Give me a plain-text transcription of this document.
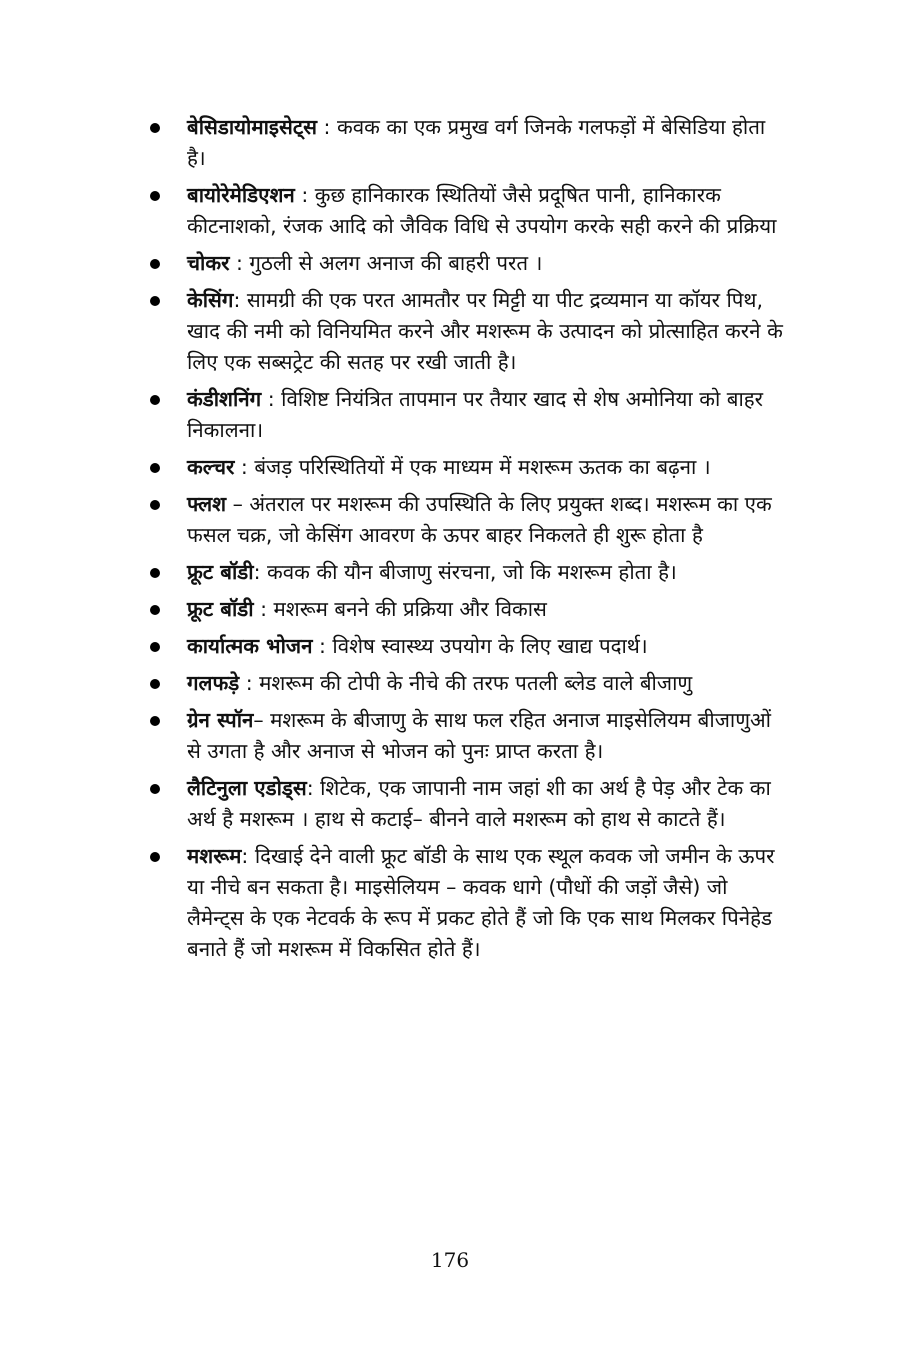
बेसिडायोमाइसेट्स : कवक का एक प्रमुख वर्ग जिनके गलफड़ों में बेसिडिया होता है।
बायोरेमेडिएशन : कुछ हानिकारक स्थितियों जैसे प्रदूषित पानी, हानिकारक कीटनाशको, रंजक आदि को जैविक विधि से उपयोग करके सही करने की प्रक्रिया
चोकर : गुठली से अलग अनाज की बाहरी परत ।
केसिंग: सामग्री की एक परत आमतौर पर मिट्टी या पीट द्रव्यमान या कॉयर पिथ, खाद की नमी को विनियमित करने और मशरूम के उत्पादन को प्रोत्साहित करने के लिए एक सब्सट्रेट की सतह पर रखी जाती है।
कंडीशनिंग : विशिष्ट नियंत्रित तापमान पर तैयार खाद से शेष अमोनिया को बाहर निकालना।
कल्चर : बंजड़ परिस्थितियों में एक माध्यम में मशरूम ऊतक का बढ़ना ।
फ्लश – अंतराल पर मशरूम की उपस्थिति के लिए प्रयुक्त शब्द। मशरूम का एक फसल चक्र, जो केसिंग आवरण के ऊपर बाहर निकलते ही शुरू होता है
फ्रूट बॉडी: कवक की यौन बीजाणु संरचना, जो कि मशरूम होता है।
फ्रूट बॉडी : मशरूम बनने की प्रक्रिया और विकास
कार्यात्मक भोजन : विशेष स्वास्थ्य उपयोग के लिए खाद्य पदार्थ।
गलफड़े : मशरूम की टोपी के नीचे की तरफ पतली ब्लेड वाले बीजाणु
ग्रेन स्पॉन– मशरूम के बीजाणु के साथ फल रहित अनाज माइसेलियम बीजाणुओं से उगता है और अनाज से भोजन को पुनः प्राप्त करता है।
लैटिनुला एडोड्स: शिटेक, एक जापानी नाम जहां शी का अर्थ है पेड़ और टेक का अर्थ है मशरूम । हाथ से कटाई– बीनने वाले मशरूम को हाथ से काटते हैं।
मशरूम: दिखाई देने वाली फ्रूट बॉडी के साथ एक स्थूल कवक जो जमीन के ऊपर या नीचे बन सकता है। माइसेलियम – कवक धागे (पौधों की जड़ों जैसे) जो लैमेन्ट्स के एक नेटवर्क के रूप में प्रकट होते हैं जो कि एक साथ मिलकर पिनेहेड बनाते हैं जो मशरूम में विकसित होते हैं।
176
